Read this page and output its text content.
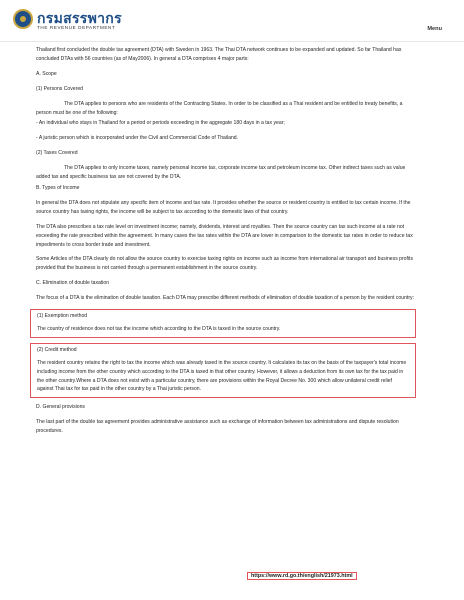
กรมสรรพากร
THE REVENUE DEPARTMENT	Menu

Thailand first concluded the double tax agreement (DTA) with Sweden in 1963. The Thai DTA network continues to be expanded and updated. So far Thailand has concluded DTAs with 56 countries (as of May2006). In general a DTA comprises 4 major parts:

A. Scope

(1) Persons Covered

The DTA applies to persons who are residents of the Contracting States. In order to be classified as a Thai resident and be entitled to treaty benefits, a person must be one of the following:

- An individual who stays in Thailand for a period or periods exceeding in the aggregate 180 days in a tax year;

- A juristic person which is incorporated under the Civil and Commercial Code of Thailand.

(2) Taxes Covered

The DTA applies to only income taxes, namely personal income tax, corporate income tax and petroleum income tax. Other indirect taxes such as value added tax and specific business tax are not covered by the DTA.

B. Types of Income

In general the DTA does not stipulate any specific item of income and tax rate. It provides whether the source or resident country is entitled to tax certain income. If the source country has taxing rights, the income will be subject to tax according to the domestic laws of that country.

The DTA also prescribes a tax rate level on investment income; namely, dividends, interest and royalties. Then the source country can tax such income at a rate not exceeding the rate prescribed within the agreement. In many cases the tax rates within the DTA are lower in comparison to the domestic tax rates in order to reduce tax impediments to cross border trade and investment.

Some Articles of the DTA clearly do not allow the source country to exercise taxing rights on income such as income from international air transport and business profits provided that the business is not carried through a permanent establishment in the source country.

C. Elimination of double taxation

The focus of a DTA is the elimination of double taxation. Each DTA may prescribe different methods of elimination of double taxation of a person by the resident country:

(1) Exemption method

The country of residence does not tax the income which according to the DTA is taxed in the source country.

(2) Credit method

The resident country retains the right to tax the income which was already taxed in the source country. It calculates its tax on the basis of the taxpayer's total income including income from the other country which according to the DTA is taxed in that other country. However, it allows a deduction from its own tax for the tax paid in the other country.Where a DTA does not exist with a particular country, there are provisions within the Royal Decree No. 300 which allow unilateral credit relief against Thai tax for tax paid in the other country by a Thai juristic person.

D. General provisions

The last part of the double tax agreement provides administrative assistance such as exchange of information between tax administrations and dispute resolution procedures.

https://www.rd.go.th/english/21973.html
